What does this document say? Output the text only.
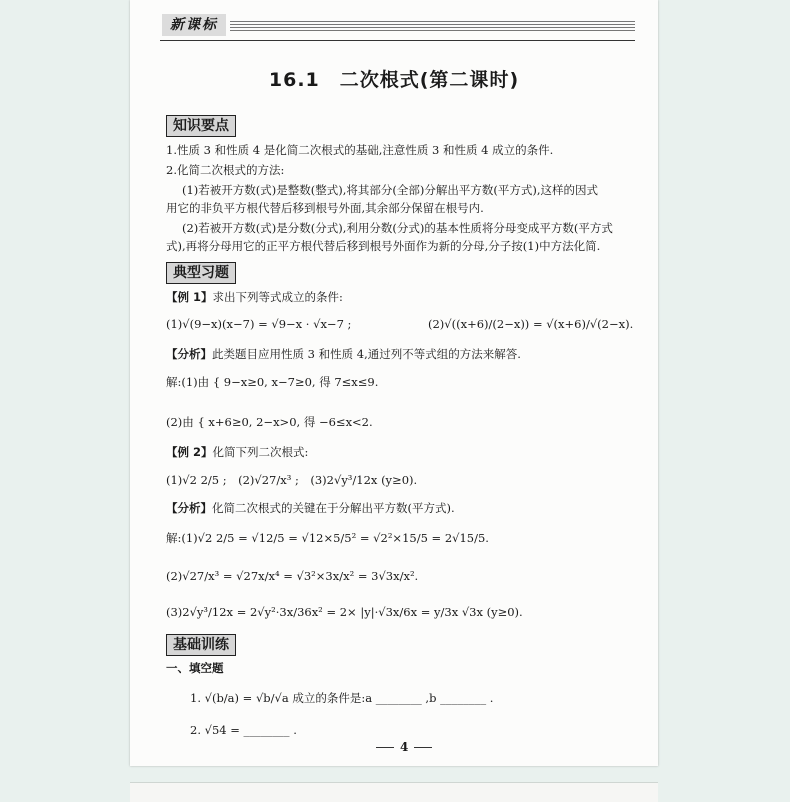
新课标
16.1　二次根式(第二课时)
知识要点
1.性质 3 和性质 4 是化简二次根式的基础,注意性质 3 和性质 4 成立的条件.
2.化简二次根式的方法:
(1)若被开方数(式)是整数(整式),将其部分(全部)分解出平方数(平方式),这样的因式
用它的非负平方根代替后移到根号外面,其余部分保留在根号内.
(2)若被开方数(式)是分数(分式),利用分数(分式)的基本性质将分母变成平方数(平方式
式),再将分母用它的正平方根代替后移到根号外面作为新的分母,分子按(1)中方法化简.
典型习题
【例 1】求出下列等式成立的条件:
(1)√(9−x)(x−7) = √9−x · √x−7 ;	(2)√((x+6)/(2−x)) = √(x+6)/√(2−x).
【分析】此类题目应用性质 3 和性质 4,通过列不等式组的方法来解答.
解:(1)由 { 9−x≥0, x−7≥0, 得 7≤x≤9.
(2)由 { x+6≥0, 2−x>0, 得 −6≤x<2.
【例 2】化简下列二次根式:
(1)√2 2/5 ;　(2)√27/x³ ;　(3)2√y³/12x (y≥0).
【分析】化简二次根式的关键在于分解出平方数(平方式).
解:(1)√2 2/5 = √12/5 = √12×5/5² = √2²×15/5 = 2√15/5.
(2)√27/x³ = √27x/x⁴ = √3²×3x/x² = 3√3x/x².
(3)2√y³/12x = 2√y²·3x/36x² = 2× |y|·√3x/6x = y/3x √3x (y≥0).
基础训练
一、填空题
1. √(b/a) = √b/√a 成立的条件是:a ________ ,b ________ .
2. √54 = ________ .
4
